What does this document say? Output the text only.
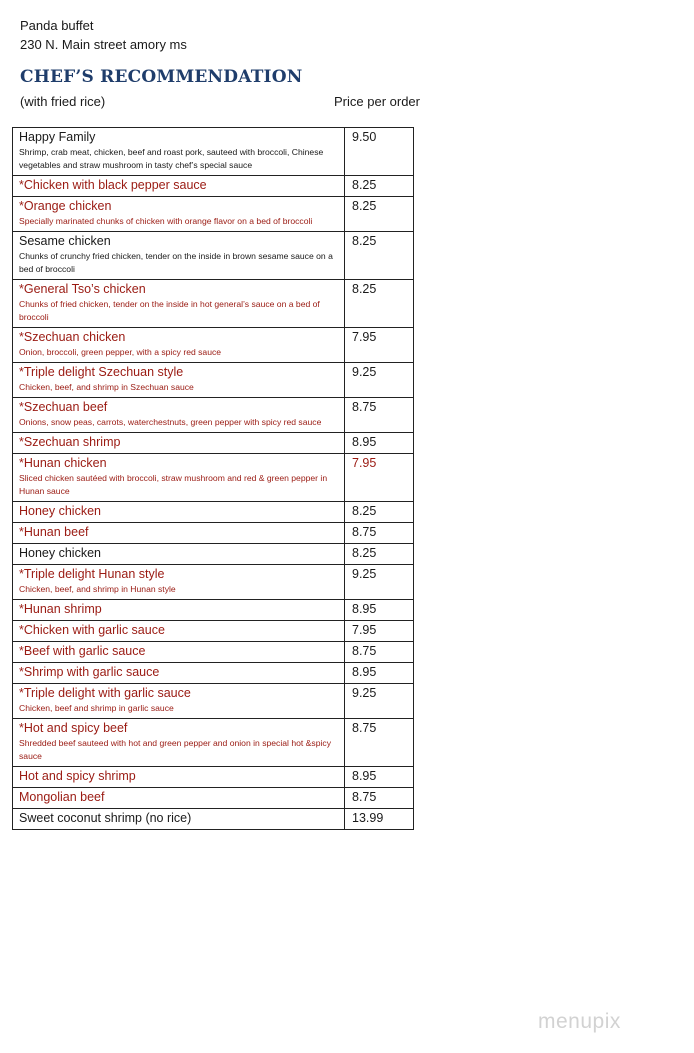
Panda buffet
230 N. Main street amory ms
CHEF’S RECOMMENDATION
(with fried rice)	Price per order
Happy Family
Shrimp, crab meat, chicken, beef and roast pork, sauteed with broccoli, Chinese vegetables and straw mushroom in tasty chef’s special sauce	9.50

*Chicken with black pepper sauce	8.25

*Orange chicken
Specially marinated chunks of chicken with orange flavor on a bed of broccoli	8.25

Sesame chicken
Chunks of crunchy fried chicken, tender on the inside in brown sesame sauce on a bed of broccoli	8.25

*General Tso’s chicken
Chunks of fried chicken, tender on the inside in hot general’s sauce on a bed of broccoli	8.25

*Szechuan chicken
Onion, broccoli, green pepper, with a spicy red sauce	7.95

*Triple delight Szechuan style
Chicken, beef, and shrimp in Szechuan sauce	9.25

*Szechuan beef
Onions, snow peas, carrots, waterchestnuts, green pepper with spicy red sauce	8.75

*Szechuan shrimp	8.95

*Hunan chicken
Sliced chicken sautéed with broccoli, straw mushroom and red & green pepper in Hunan sauce	7.95

Honey chicken	8.25

*Hunan beef	8.75

Honey chicken	8.25

*Triple delight Hunan style
Chicken, beef, and shrimp in Hunan style	9.25

*Hunan shrimp	8.95

*Chicken with garlic sauce	7.95

*Beef with garlic sauce	8.75

*Shrimp with garlic sauce	8.95

*Triple delight with garlic sauce
Chicken, beef and shrimp in garlic sauce	9.25

*Hot and spicy beef
Shredded beef sauteed with hot and green pepper and onion in special hot &spicy sauce	8.75

Hot and spicy shrimp	8.95

Mongolian beef	8.75

Sweet coconut shrimp (no rice)	13.99
menupix
